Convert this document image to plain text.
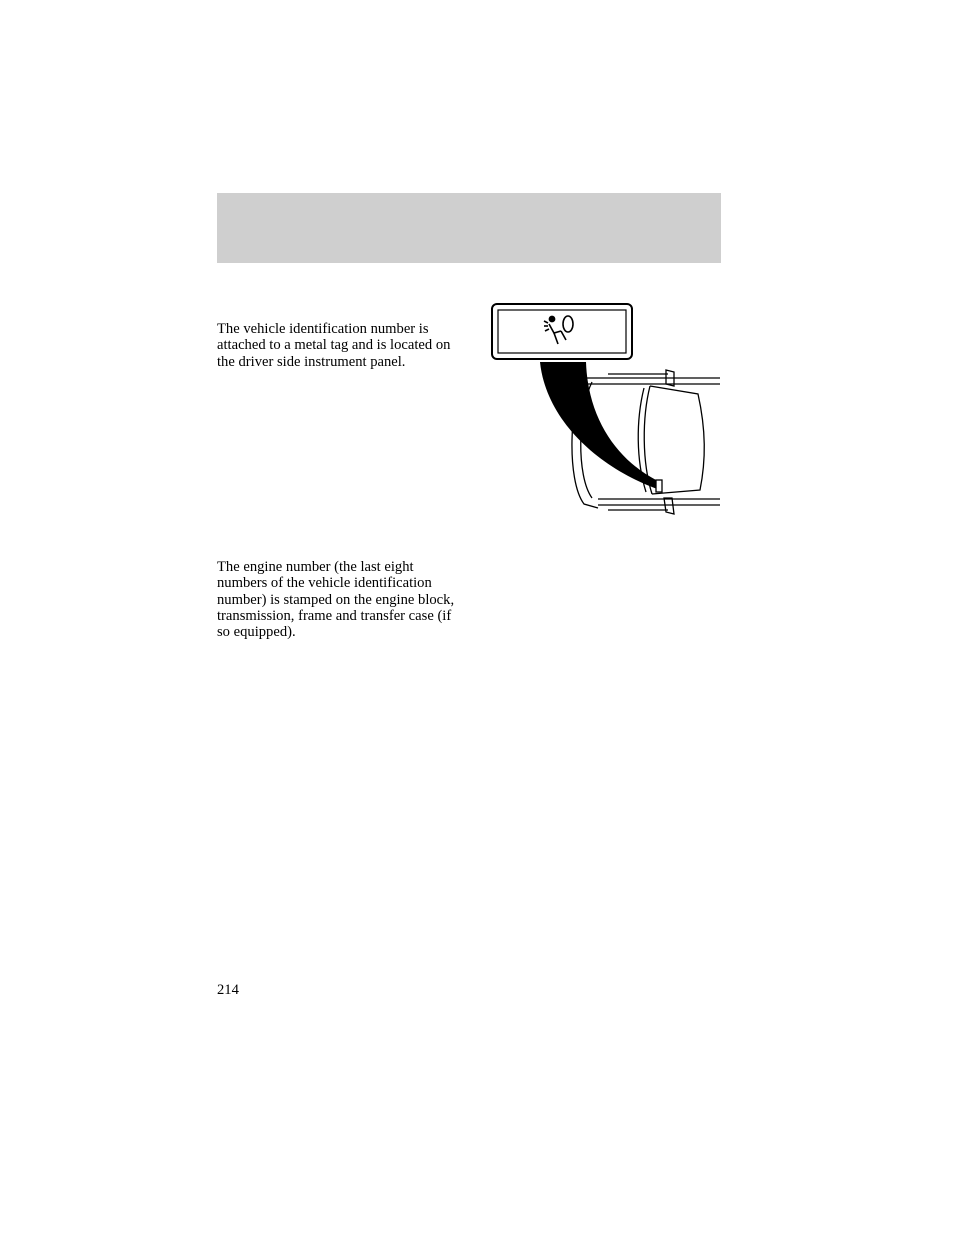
The vehicle identification number is attached to a metal tag and is located on the driver side instrument panel.

The engine number (the last eight numbers of the vehicle identification number) is stamped on the engine block, transmission, frame and transfer case (if so equipped).

214
